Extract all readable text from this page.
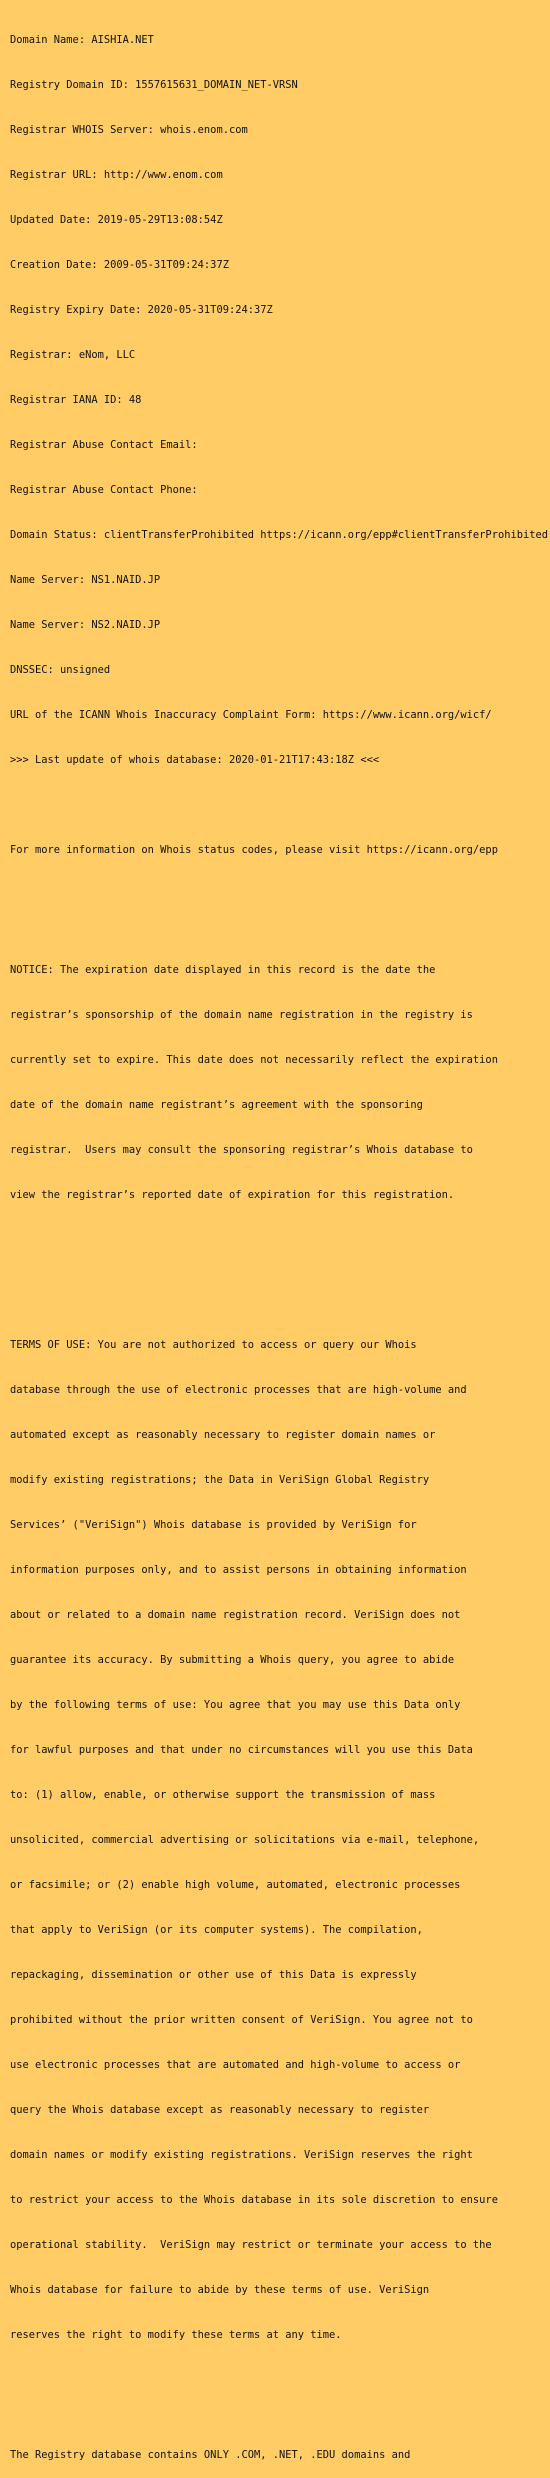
Domain Name: AISHIA.NET

Registry Domain ID: 1557615631_DOMAIN_NET-VRSN

Registrar WHOIS Server: whois.enom.com

Registrar URL: http://www.enom.com

Updated Date: 2019-05-29T13:08:54Z

Creation Date: 2009-05-31T09:24:37Z

Registry Expiry Date: 2020-05-31T09:24:37Z

Registrar: eNom, LLC

Registrar IANA ID: 48

Registrar Abuse Contact Email:

Registrar Abuse Contact Phone:

Domain Status: clientTransferProhibited https://icann.org/epp#clientTransferProhibited

Name Server: NS1.NAID.JP

Name Server: NS2.NAID.JP

DNSSEC: unsigned

URL of the ICANN Whois Inaccuracy Complaint Form: https://www.icann.org/wicf/

>>> Last update of whois database: 2020-01-21T17:43:18Z <<<

For more information on Whois status codes, please visit https://icann.org/epp

NOTICE: The expiration date displayed in this record is the date the

registrar’s sponsorship of the domain name registration in the registry is

currently set to expire. This date does not necessarily reflect the expiration

date of the domain name registrant’s agreement with the sponsoring

registrar.  Users may consult the sponsoring registrar’s Whois database to

view the registrar’s reported date of expiration for this registration.

TERMS OF USE: You are not authorized to access or query our Whois

database through the use of electronic processes that are high-volume and

automated except as reasonably necessary to register domain names or

modify existing registrations; the Data in VeriSign Global Registry

Services’ ("VeriSign") Whois database is provided by VeriSign for

information purposes only, and to assist persons in obtaining information

about or related to a domain name registration record. VeriSign does not

guarantee its accuracy. By submitting a Whois query, you agree to abide

by the following terms of use: You agree that you may use this Data only

for lawful purposes and that under no circumstances will you use this Data

to: (1) allow, enable, or otherwise support the transmission of mass

unsolicited, commercial advertising or solicitations via e-mail, telephone,

or facsimile; or (2) enable high volume, automated, electronic processes

that apply to VeriSign (or its computer systems). The compilation,

repackaging, dissemination or other use of this Data is expressly

prohibited without the prior written consent of VeriSign. You agree not to

use electronic processes that are automated and high-volume to access or

query the Whois database except as reasonably necessary to register

domain names or modify existing registrations. VeriSign reserves the right

to restrict your access to the Whois database in its sole discretion to ensure

operational stability.  VeriSign may restrict or terminate your access to the

Whois database for failure to abide by these terms of use. VeriSign

reserves the right to modify these terms at any time.

The Registry database contains ONLY .COM, .NET, .EDU domains and
